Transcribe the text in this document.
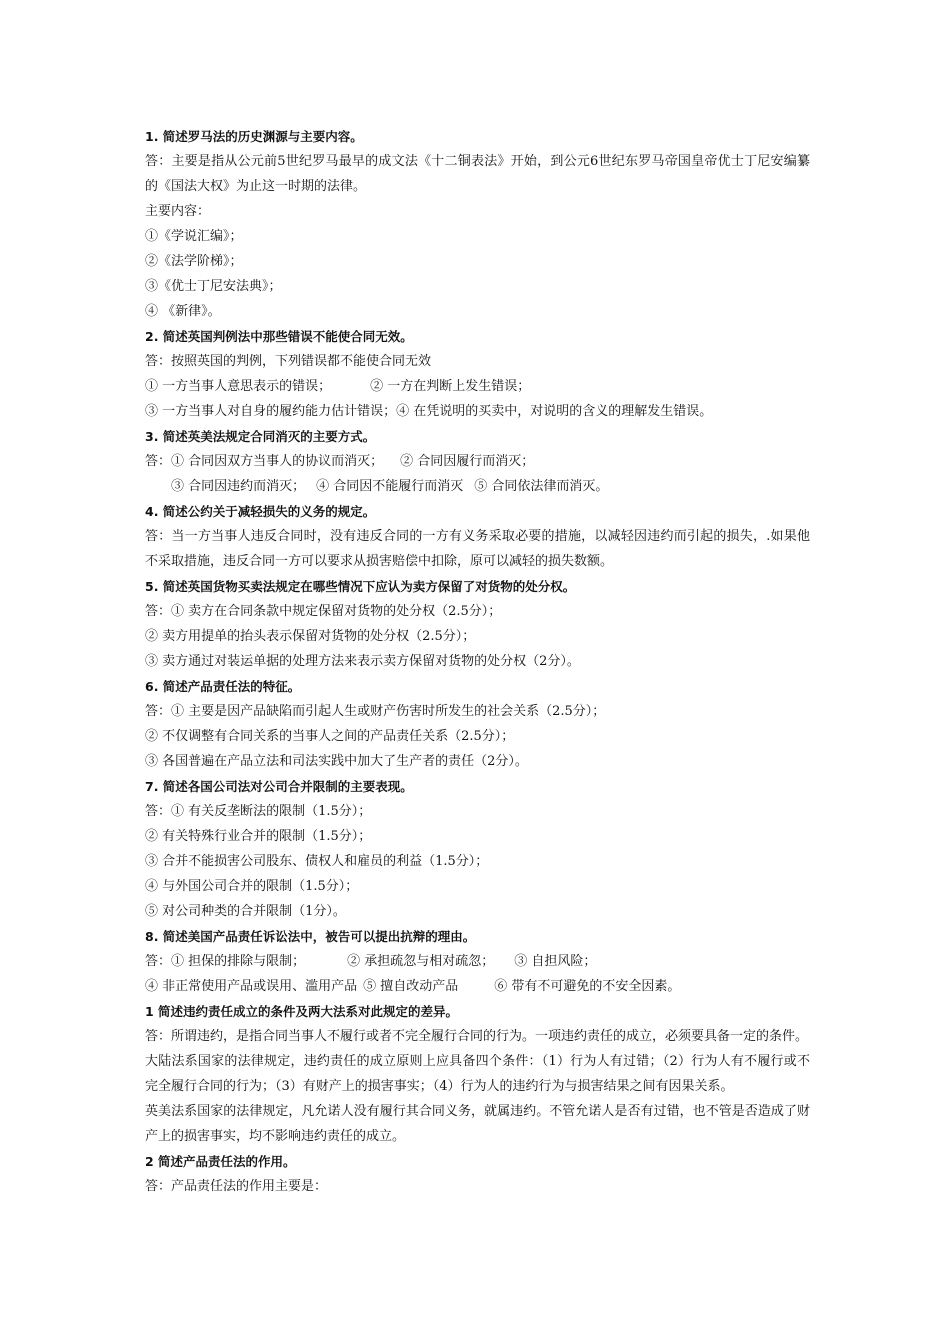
1. 简述罗马法的历史渊源与主要内容。

答：主要是指从公元前5世纪罗马最早的成文法《十二铜表法》开始，到公元6世纪东罗马帝国皇帝优士丁尼安编纂的《国法大权》为止这一时期的法律。

主要内容：

①《学说汇编》；

②《法学阶梯》；

③《优士丁尼安法典》；

④ 《新律》。

2. 简述英国判例法中那些错误不能使合同无效。

答：按照英国的判例，下列错误都不能使合同无效

① 一方当事人意思表示的错误；	② 一方在判断上发生错误；

③ 一方当事人对自身的履约能力估计错误；④ 在凭说明的买卖中，对说明的含义的理解发生错误。

3. 简述英美法规定合同消灭的主要方式。

答：① 合同因双方当事人的协议而消灭； ② 合同因履行而消灭；

③ 合同因违约而消灭； ④ 合同因不能履行而消灭 ⑤ 合同依法律而消灭。

4. 简述公约关于减轻损失的义务的规定。

答：当一方当事人违反合同时，没有违反合同的一方有义务采取必要的措施，以减轻因违约而引起的损失，.如果他不采取措施，违反合同一方可以要求从损害赔偿中扣除，原可以减轻的损失数额。

5. 简述英国货物买卖法规定在哪些情况下应认为卖方保留了对货物的处分权。

答：① 卖方在合同条款中规定保留对货物的处分权（2.5分）；

② 卖方用提单的抬头表示保留对货物的处分权（2.5分）；

③ 卖方通过对装运单据的处理方法来表示卖方保留对货物的处分权（2分）。

6. 简述产品责任法的特征。

答：① 主要是因产品缺陷而引起人生或财产伤害时所发生的社会关系（2.5分）；

② 不仅调整有合同关系的当事人之间的产品责任关系（2.5分）；

③ 各国普遍在产品立法和司法实践中加大了生产者的责任（2分）。

7. 简述各国公司法对公司合并限制的主要表现。

答：① 有关反垄断法的限制（1.5分）；

② 有关特殊行业合并的限制（1.5分）；

③ 合并不能损害公司股东、债权人和雇员的利益（1.5分）；

④ 与外国公司合并的限制（1.5分）；

⑤ 对公司种类的合并限制（1分）。

8. 简述美国产品责任诉讼法中，被告可以提出抗辩的理由。

答：① 担保的排除与限制；	② 承担疏忽与相对疏忽； ③ 自担风险；

④ 非正常使用产品或误用、滥用产品 ⑤ 擅自改动产品	⑥ 带有不可避免的不安全因素。

1 简述违约责任成立的条件及两大法系对此规定的差异。

答：所谓违约，是指合同当事人不履行或者不完全履行合同的行为。一项违约责任的成立，必须要具备一定的条件。

大陆法系国家的法律规定，违约责任的成立原则上应具备四个条件：（1）行为人有过错；（2）行为人有不履行或不完全履行合同的行为；（3）有财产上的损害事实；（4）行为人的违约行为与损害结果之间有因果关系。

英美法系国家的法律规定，凡允诺人没有履行其合同义务，就属违约。不管允诺人是否有过错，也不管是否造成了财产上的损害事实，均不影响违约责任的成立。

2 简述产品责任法的作用。

答：产品责任法的作用主要是：
